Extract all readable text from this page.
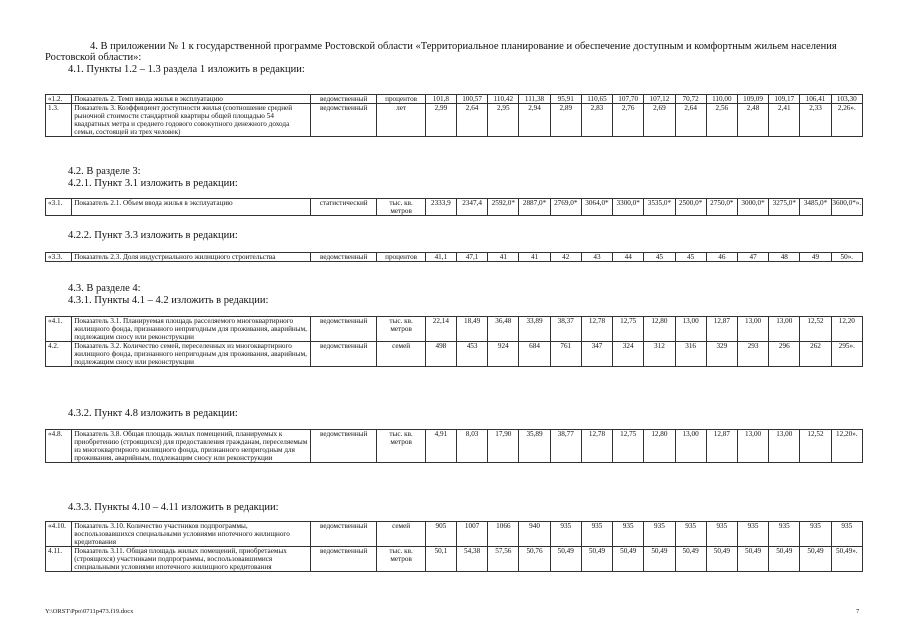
4. В приложении № 1 к государственной программе Ростовской области «Территориальное планирование и обеспечение доступным и комфортным жильем населения

Ростовской области»:

4.1. Пункты 1.2 – 1.3 раздела 1 изложить в редакции:

«1.2.	Показатель 2. Темп ввода жилья в эксплуатацию	ведомственный	процентов	101,8	100,57	110,42	111,38	95,91	110,65	107,70	107,12	70,72	110,00	109,09	109,17	106,41	103,30
1.3.	Показатель 3. Коэффициент доступности жилья (соотношение средней рыночной стоимости стандартной квартиры общей площадью 54 квадратных метра и среднего годового совокупного денежного дохода семьи, состоящей из трех человек)	ведомственный	лет	2,99	2,64	2,95	2,94	2,89	2,83	2,76	2,69	2,64	2,56	2,48	2,41	2,33	2,26».

4.2. В разделе 3:

4.2.1. Пункт 3.1 изложить в редакции:

«3.1.	Показатель 2.1. Объем ввода жилья в эксплуатацию	статистический	тыс. кв. метров	2333,9	2347,4	2592,0*	2887,0*	2769,0*	3064,0*	3300,0*	3535,0*	2500,0*	2750,0*	3000,0*	3275,0*	3485,0*	3600,0*».

4.2.2. Пункт 3.3 изложить в редакции:

«3.3.	Показатель 2.3. Доля индустриального жилищного строительства	ведомственный	процентов	41,1	47,1	41	41	42	43	44	45	45	46	47	48	49	50».

4.3. В разделе 4:

4.3.1. Пункты 4.1 – 4.2 изложить в редакции:

«4.1.	Показатель 3.1. Планируемая площадь расселяемого многоквартирного жилищного фонда, признанного непригодным для проживания, аварийным, подлежащим сносу или реконструкции	ведомственный	тыс. кв. метров	22,14	18,49	36,48	33,89	38,37	12,78	12,75	12,80	13,00	12,87	13,00	13,00	12,52	12,20
4.2.	Показатель 3.2. Количество семей, переселенных из многоквартирного жилищного фонда, признанного непригодным для проживания, аварийным, подлежащим сносу или реконструкции	ведомственный	семей	498	453	924	684	761	347	324	312	316	329	293	296	262	295».

4.3.2. Пункт 4.8 изложить в редакции:

«4.8.	Показатель 3.8. Общая площадь жилых помещений, планируемых к приобретению (строящихся) для предоставления гражданам, переселяемым из многоквартирного жилищного фонда, признанного непригодным для проживания, аварийным, подлежащим сносу или реконструкции	ведомственный	тыс. кв. метров	4,91	8,03	17,90	35,89	38,77	12,78	12,75	12,80	13,00	12,87	13,00	13,00	12,52	12,20».

4.3.3. Пункты 4.10 – 4.11 изложить в редакции:

«4.10.	Показатель 3.10. Количество участников подпрограммы, воспользовавшихся специальными условиями ипотечного жилищного кредитования	ведомственный	семей	905	1007	1066	940	935	935	935	935	935	935	935	935	935	935
4.11.	Показатель 3.11. Общая площадь жилых помещений, приобретаемых (строящихся) участниками подпрограммы, воспользовавшимися специальными условиями ипотечного жилищного кредитования	ведомственный	тыс. кв. метров	50,1	54,38	57,56	50,76	50,49	50,49	50,49	50,49	50,49	50,49	50,49	50,49	50,49	50,49».
Y:\ORST\Ppo\0711p473.f19.docx	7
